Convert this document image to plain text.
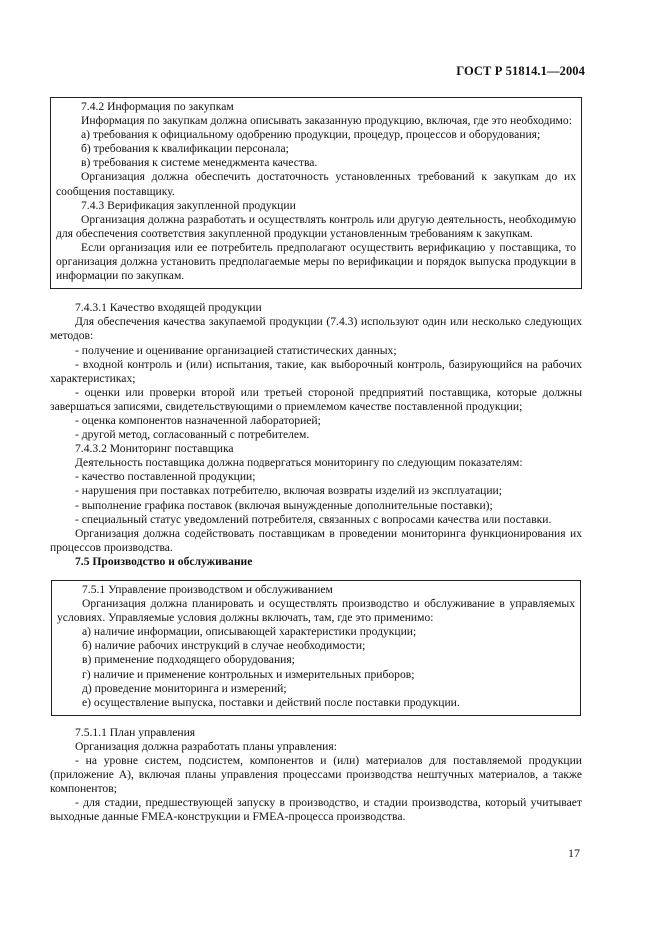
ГОСТ Р 51814.1—2004

7.4.2 Информация по закупкам

Информация по закупкам должна описывать заказанную продукцию, включая, где это необходимо:

а) требования к официальному одобрению продукции, процедур, процессов и оборудования;

б) требования к квалификации персонала;

в) требования к системе менеджмента качества.

Организация должна обеспечить достаточность установленных требований к закупкам до их сообщения поставщику.

7.4.3 Верификация закупленной продукции

Организация должна разработать и осуществлять контроль или другую деятельность, необходимую для обеспечения соответствия закупленной продукции установленным требованиям к закупкам.

Если организация или ее потребитель предполагают осуществить верификацию у поставщика, то организация должна установить предполагаемые меры по верификации и порядок выпуска продукции в информации по закупкам.

7.4.3.1 Качество входящей продукции

Для обеспечения качества закупаемой продукции (7.4.3) используют один или несколько следующих методов:

- получение и оценивание организацией статистических данных;

- входной контроль и (или) испытания, такие, как выборочный контроль, базирующийся на рабочих характеристиках;

- оценки или проверки второй или третьей стороной предприятий поставщика, которые должны завершаться записями, свидетельствующими о приемлемом качестве поставленной продукции;

- оценка компонентов назначенной лабораторией;

- другой метод, согласованный с потребителем.

7.4.3.2 Мониторинг поставщика

Деятельность поставщика должна подвергаться мониторингу по следующим показателям:

- качество поставленной продукции;

- нарушения при поставках потребителю, включая возвраты изделий из эксплуатации;

- выполнение графика поставок (включая вынужденные дополнительные поставки);

- специальный статус уведомлений потребителя, связанных с вопросами качества или поставки.

Организация должна содействовать поставщикам в проведении мониторинга функционирования их процессов производства.

7.5 Производство и обслуживание

7.5.1 Управление производством и обслуживанием

Организация должна планировать и осуществлять производство и обслуживание в управляемых условиях. Управляемые условия должны включать, там, где это применимо:

а) наличие информации, описывающей характеристики продукции;

б) наличие рабочих инструкций в случае необходимости;

в) применение подходящего оборудования;

г) наличие и применение контрольных и измерительных приборов;

д) проведение мониторинга и измерений;

е) осуществление выпуска, поставки и действий после поставки продукции.

7.5.1.1 План управления

Организация должна разработать планы управления:

- на уровне систем, подсистем, компонентов и (или) материалов для поставляемой продукции (приложение А), включая планы управления процессами производства нештучных материалов, а также компонентов;

- для стадии, предшествующей запуску в производство, и стадии производства, который учитывает выходные данные FMEA-конструкции и FMEA-процесса производства.

17
